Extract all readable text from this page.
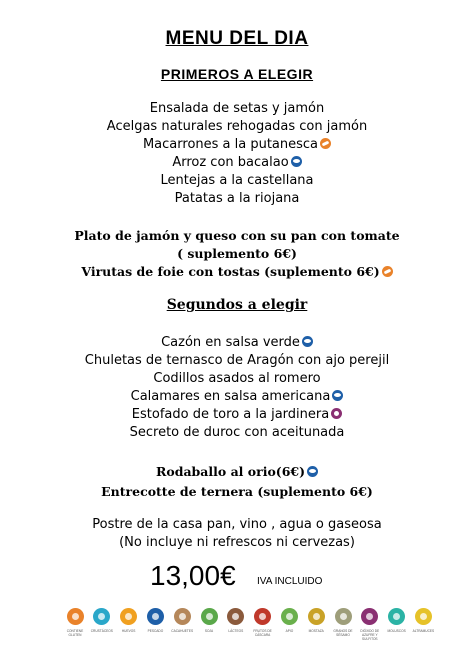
MENU DEL DIA
PRIMEROS A ELEGIR
Ensalada de setas y jamón
Acelgas naturales rehogadas con jamón
Macarrones a la putanesca
Arroz con bacalao
Lentejas a la castellana
Patatas a la riojana
Plato de jamón y queso con su pan con tomate
( suplemento 6€)
Virutas de foie con tostas (suplemento 6€)
Segundos a elegir
Cazón en salsa verde
Chuletas de ternasco de Aragón con ajo perejil
Codillos asados al romero
Calamares en salsa americana
Estofado de toro a la jardinera
Secreto de duroc con aceitunada
Rodaballo al orio(6€)
Entrecotte de ternera (suplemento 6€)
Postre de la casa pan, vino , agua o gaseosa
(No incluye ni refrescos ni cervezas)
13,00€ IVA INCLUIDO
CONTIENE GLUTEN
CRUSTÁCEOS	HUEVOS	PESCADO	CACAHUETES	SOJA	LÁCTEOS	FRUTOS DE CÁSCARA
APIO	MOSTAZA	GRANOS DE SÉSAMO
DIÓXIDO DE AZUFRE Y SULFITOS
MOLUSCOS	ALTRAMUCES
